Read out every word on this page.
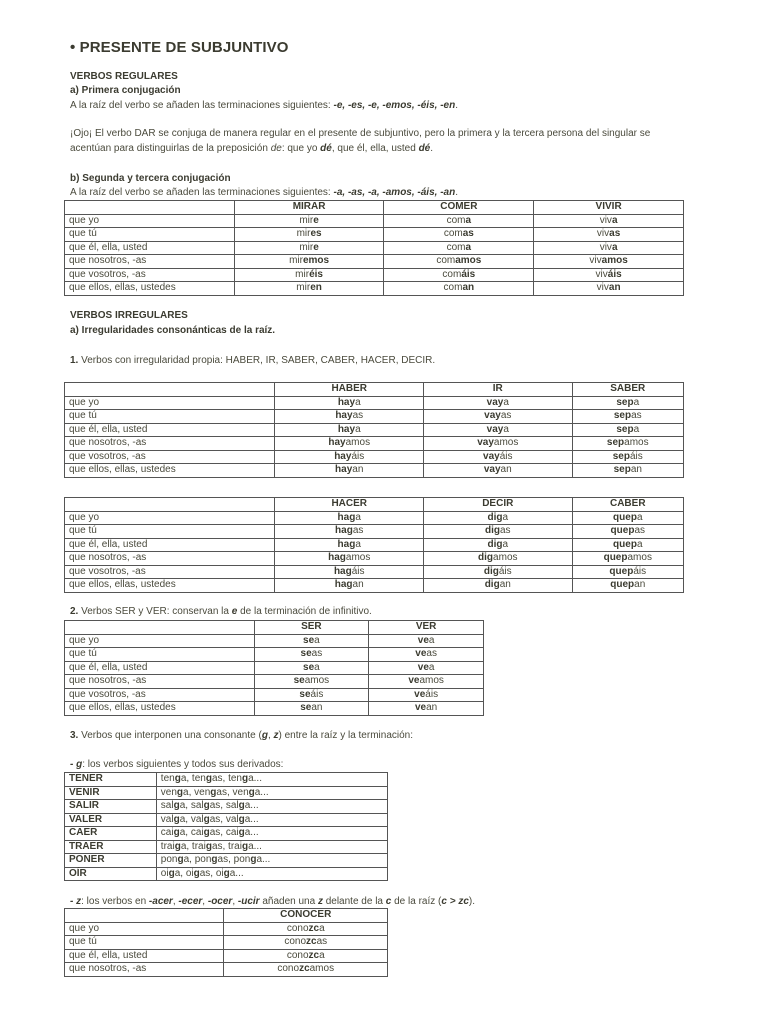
• PRESENTE DE SUBJUNTIVO
VERBOS REGULARES
a) Primera conjugación
A la raíz del verbo se añaden las terminaciones siguientes: -e, -es, -e, -emos, -éis, -en.
¡Ojo¡ El verbo DAR se conjuga de manera regular en el presente de subjuntivo, pero la primera y la tercera persona del singular se
acentúan para distinguirlas de la preposición de: que yo dé, que él, ella, usted dé.
b) Segunda y tercera conjugación
A la raíz del verbo se añaden las terminaciones siguientes: -a, -as, -a, -amos, -áis, -an.
	MIRAR	COMER	VIVIR
que yo	mire	coma	viva
que tú	mires	comas	vivas
que él, ella, usted	mire	coma	viva
que nosotros, -as	miremos	comamos	vivamos
que vosotros, -as	miréis	comáis	viváis
que ellos, ellas, ustedes	miren	coman	vivan
VERBOS IRREGULARES
a) Irregularidades consonánticas de la raíz.
1. Verbos con irregularidad propia: HABER, IR, SABER, CABER, HACER, DECIR.
	HABER	IR	SABER
que yo	haya	vaya	sepa
que tú	hayas	vayas	sepas
que él, ella, usted	haya	vaya	sepa
que nosotros, -as	hayamos	vayamos	sepamos
que vosotros, -as	hayáis	vayáis	sepáis
que ellos, ellas, ustedes	hayan	vayan	sepan
	HACER	DECIR	CABER
que yo	haga	diga	quepa
que tú	hagas	digas	quepas
que él, ella, usted	haga	diga	quepa
que nosotros, -as	hagamos	digamos	quepamos
que vosotros, -as	hagáis	digáis	quepáis
que ellos, ellas, ustedes	hagan	digan	quepan
2. Verbos SER y VER: conservan la e de la terminación de infinitivo.
	SER	VER
que yo	sea	vea
que tú	seas	veas
que él, ella, usted	sea	vea
que nosotros, -as	seamos	veamos
que vosotros, -as	seáis	veáis
que ellos, ellas, ustedes	sean	vean
3. Verbos que interponen una consonante (g, z) entre la raíz y la terminación:
- g: los verbos siguientes y todos sus derivados:
TENER	tenga, tengas, tenga...
VENIR	venga, vengas, venga...
SALIR	salga, salgas, salga...
VALER	valga, valgas, valga...
CAER	caiga, caigas, caiga...
TRAER	traiga, traigas, traiga...
PONER	ponga, pongas, ponga...
OÍR	oiga, oigas, oiga...
- z: los verbos en -acer, -ecer, -ocer, -ucir añaden una z delante de la c de la raíz (c > zc).
	CONOCER
que yo	conozca
que tú	conozcas
que él, ella, usted	conozca
que nosotros, -as	conozcamos
